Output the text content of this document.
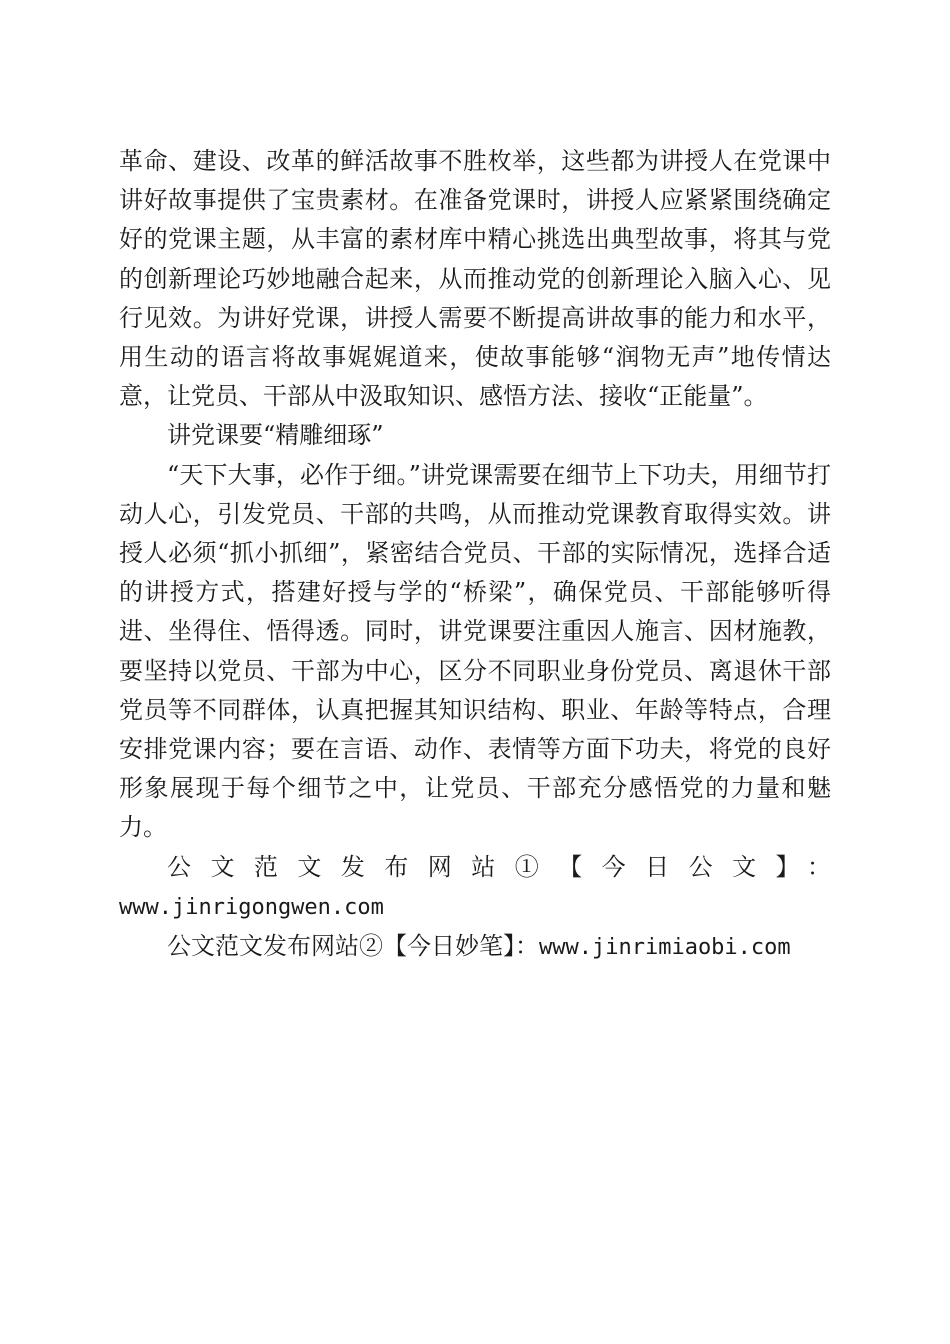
革命、建设、改革的鲜活故事不胜枚举，这些都为讲授人在党课中讲好故事提供了宝贵素材。在准备党课时，讲授人应紧紧围绕确定好的党课主题，从丰富的素材库中精心挑选出典型故事，将其与党的创新理论巧妙地融合起来，从而推动党的创新理论入脑入心、见行见效。为讲好党课，讲授人需要不断提高讲故事的能力和水平，用生动的语言将故事娓娓道来，使故事能够“润物无声”地传情达意，让党员、干部从中汲取知识、感悟方法、接收“正能量”。

讲党课要“精雕细琢”

“天下大事，必作于细。”讲党课需要在细节上下功夫，用细节打动人心，引发党员、干部的共鸣，从而推动党课教育取得实效。讲授人必须“抓小抓细”，紧密结合党员、干部的实际情况，选择合适的讲授方式，搭建好授与学的“桥梁”，确保党员、干部能够听得进、坐得住、悟得透。同时，讲党课要注重因人施言、因材施教，要坚持以党员、干部为中心，区分不同职业身份党员、离退休干部党员等不同群体，认真把握其知识结构、职业、年龄等特点，合理安排党课内容；要在言语、动作、表情等方面下功夫，将党的良好形象展现于每个细节之中，让党员、干部充分感悟党的力量和魅力。

公文范文发布网站①【今日公文】：
www.jinrigongwen.com

公文范文发布网站②【今日妙笔】：www.jinrimiaobi.com
